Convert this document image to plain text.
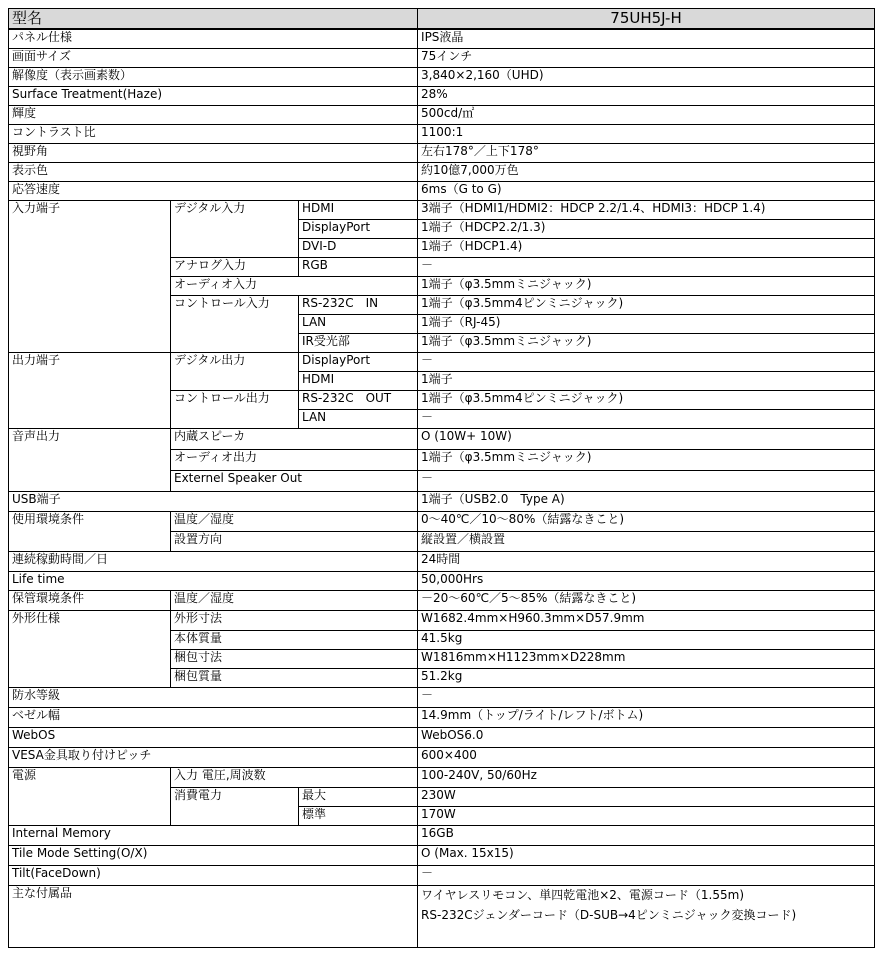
型名			75UH5J-H
パネル仕様			IPS液晶
画面サイズ			75インチ
解像度（表示画素数）			3,840×2,160（UHD)
Surface Treatment(Haze)			28%
輝度			500cd/㎡
コントラスト比			1100:1
視野角			左右178°／上下178°
表示色			約10億7,000万色
応答速度			6ms（G to G)
入力端子	デジタル入力	HDMI	3端子（HDMI1/HDMI2：HDCP 2.2/1.4、HDMI3：HDCP 1.4)
		DisplayPort	1端子（HDCP2.2/1.3)
		DVI-D	1端子（HDCP1.4)
	アナログ入力	RGB	－
	オーディオ入力		1端子（φ3.5mmミニジャック)
	コントロール入力	RS-232C　IN	1端子（φ3.5mm4ピンミニジャック)
		LAN	1端子（RJ-45)
		IR受光部	1端子（φ3.5mmミニジャック)
出力端子	デジタル出力	DisplayPort	－
		HDMI	1端子
	コントロール出力	RS-232C　OUT	1端子（φ3.5mm4ピンミニジャック)
		LAN	－
音声出力	内蔵スピーカ		O (10W+ 10W)
	オーディオ出力		1端子（φ3.5mmミニジャック)
	Externel Speaker Out		－
USB端子			1端子（USB2.0　Type A)
使用環境条件	温度／湿度		0～40℃／10～80%（結露なきこと)
	設置方向		縦設置／横設置
連続稼動時間／日			24時間
Life time			50,000Hrs
保管環境条件	温度／湿度		－20～60℃／5～85%（結露なきこと)
外形仕様	外形寸法		W1682.4mm×H960.3mm×D57.9mm
	本体質量		41.5kg
	梱包寸法		W1816mm×H1123mm×D228mm
	梱包質量		51.2kg
防水等級			－
ベゼル幅			14.9mm（トップ/ライト/レフト/ボトム)
WebOS			WebOS6.0
VESA金具取り付けピッチ			600×400
電源	入力 電圧,周波数		100-240V, 50/60Hz
	消費電力	最大	230W
		標準	170W
Internal Memory			16GB
Tile Mode Setting(O/X)			O (Max. 15x15)
Tilt(FaceDown)			－
主な付属品			ワイヤレスリモコン、単四乾電池×2、電源コード（1.55m)
RS-232Cジェンダーコード（D-SUB→4ピンミニジャック変換コード)
